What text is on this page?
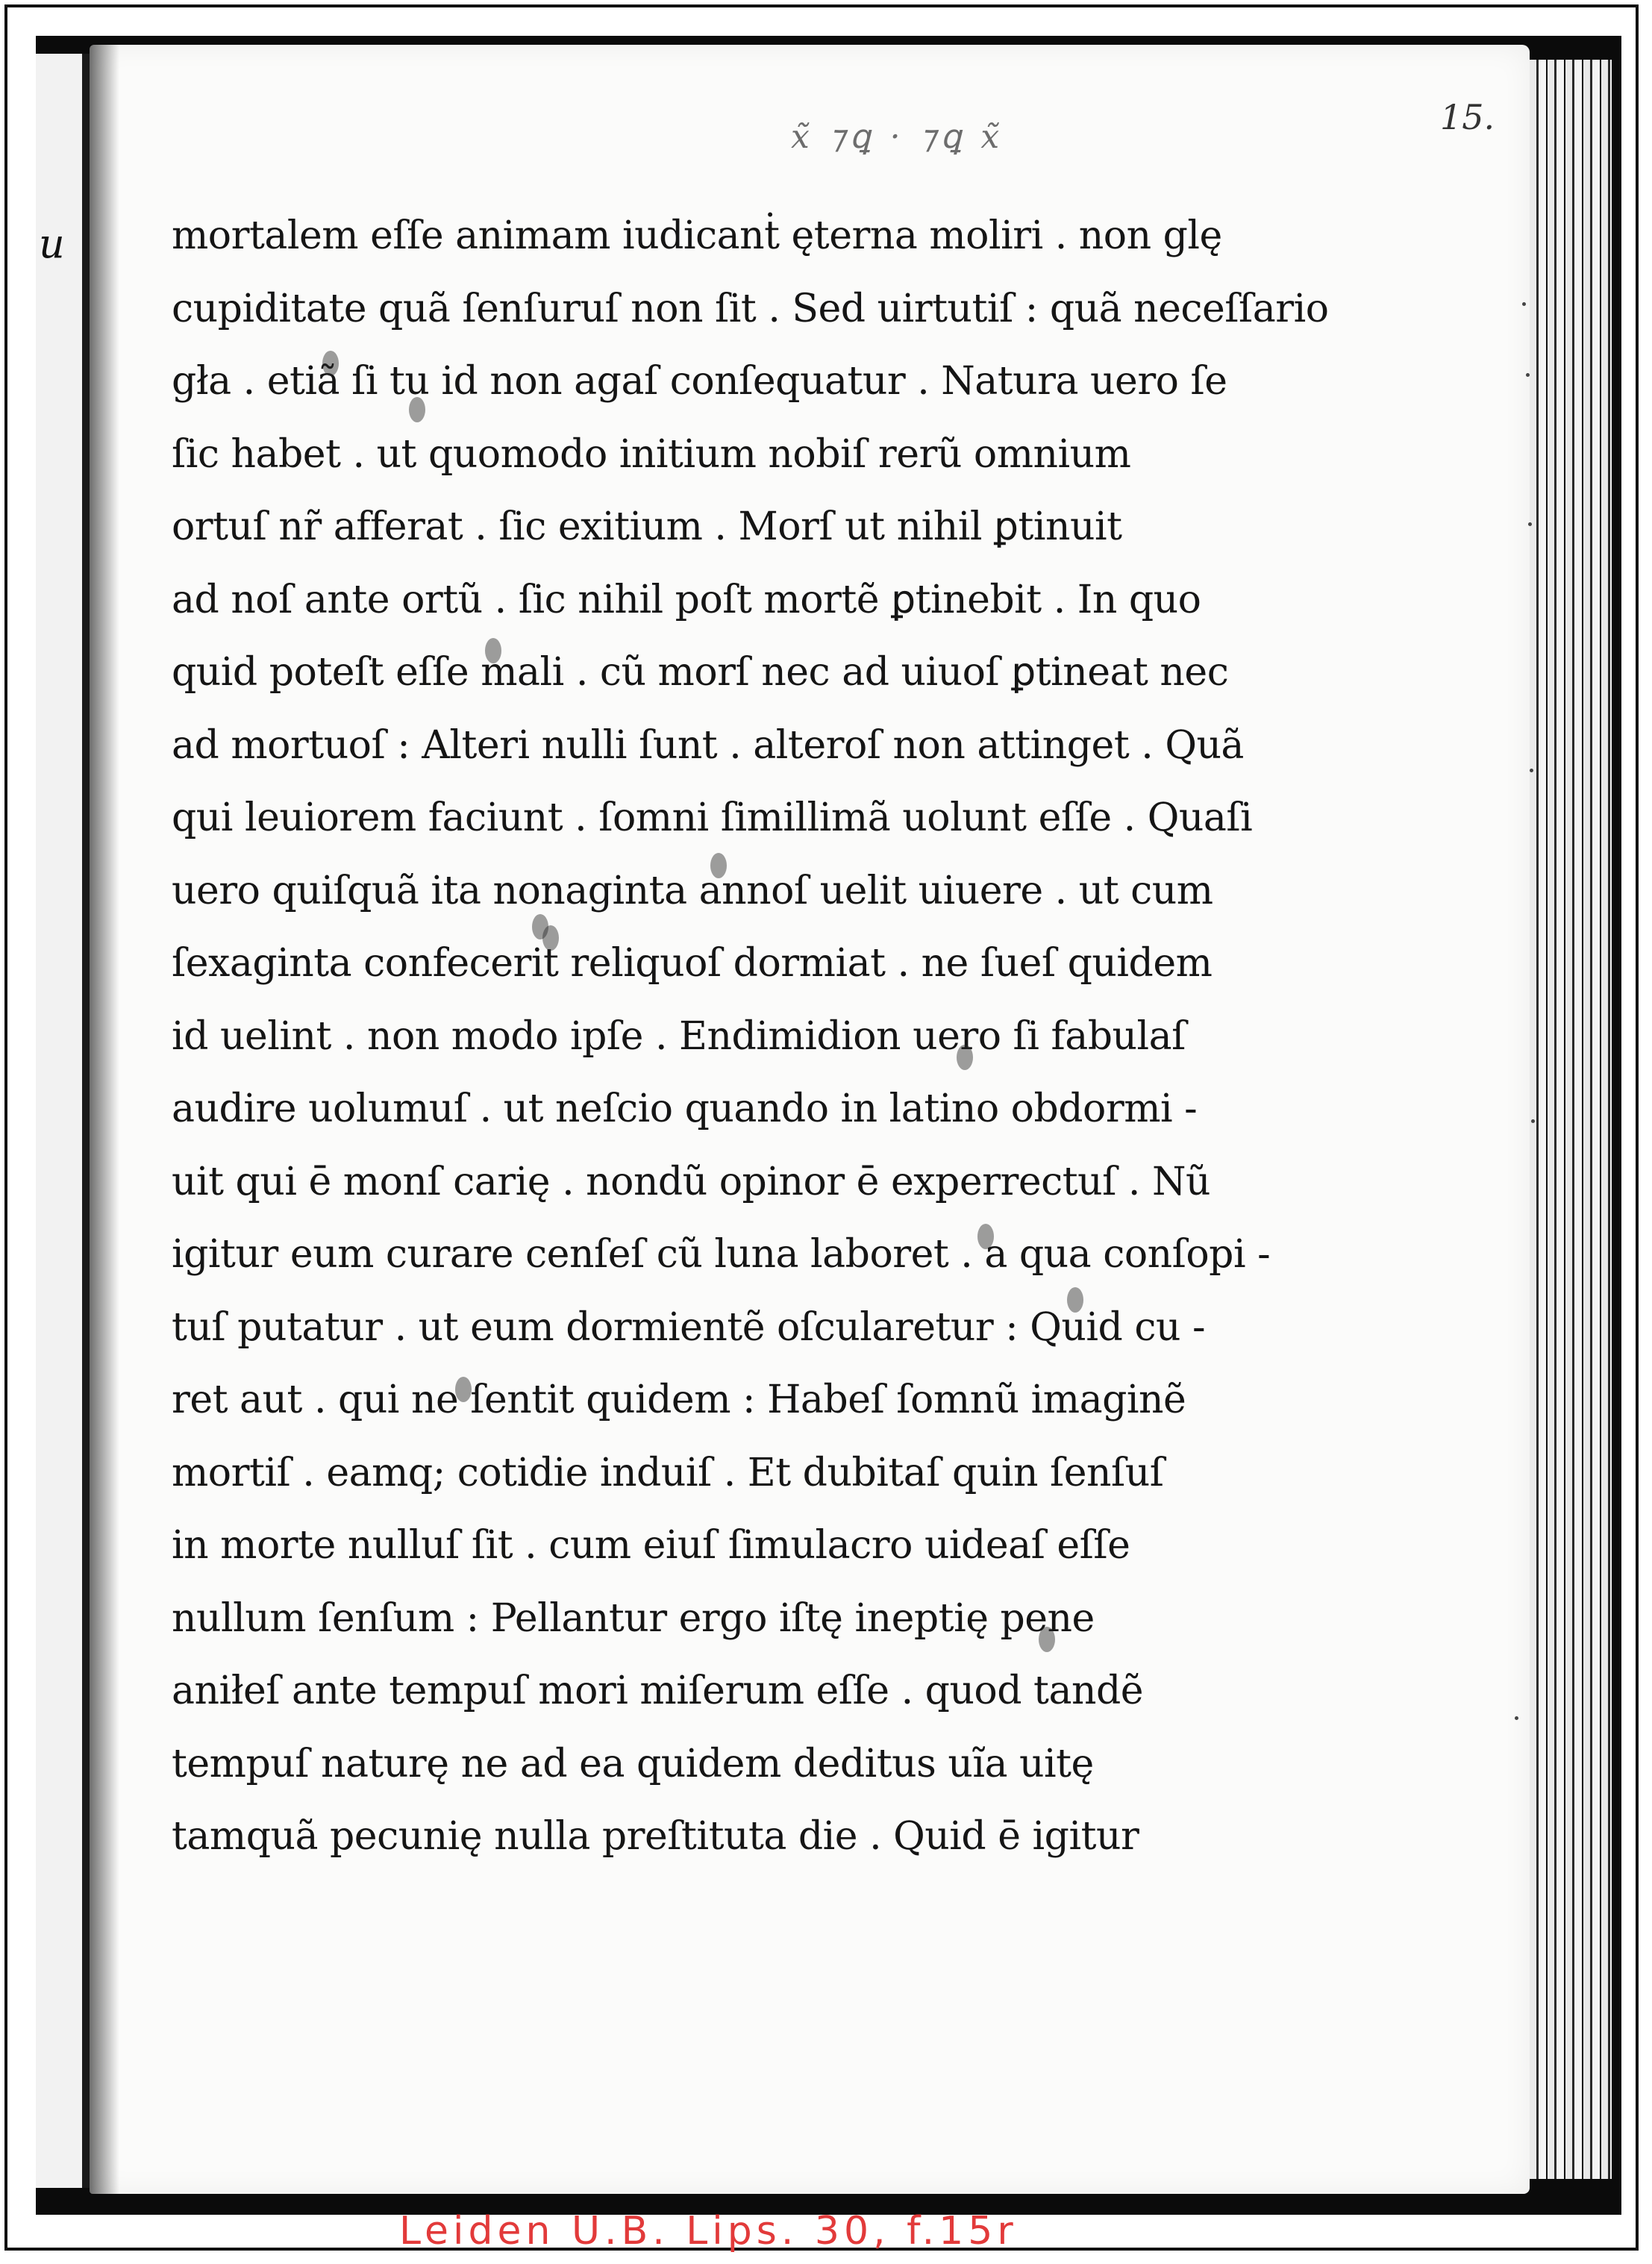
u
15.
x̃ ⁊ꝗ · ⁊ꝗ x̃
mortalem eſſe animam iudicanṫ ęterna moliri . non glę
cupiditate quã ſenſuruſ non ſit . Sed uirtutiſ : quã neceſſario
gła . etiã ſi tu id non agaſ conſequatur . Natura uero ſe
ſic habet . ut quomodo initium nobiſ rerũ omnium
ortuſ nr̃ afferat . ſic exitium . Morſ ut nihil ꝑtinuit
ad noſ ante ortũ . ſic nihil poſt mortẽ ꝑtinebit . In quo
quid poteſt eſſe mali . cũ morſ nec ad uiuoſ ꝑtineat nec
ad mortuoſ : Alteri nulli ſunt . alteroſ non attinget . Quã
qui leuiorem faciunt . ſomni ſimillimã uolunt eſſe . Quaſi
uero quiſquã ita nonaginta annoſ uelit uiuere . ut cum
ſexaginta confecerit reliquoſ dormiat . ne ſueſ quidem
id uelint . non modo ipſe . Endimidion uero ſi fabulaſ
audire uolumuſ . ut neſcio quando in latino obdormi -
uit qui ē monſ carię . nondũ opinor ē experrectuſ . Nũ
igitur eum curare cenſeſ cũ luna laboret . a qua conſopi -
tuſ putatur . ut eum dormientẽ oſcularetur : Quid cu -
ret aut . qui ne ſentit quidem : Habeſ ſomnũ imaginẽ
mortiſ . eamq; cotidie induiſ . Et dubitaſ quin ſenſuſ
in morte nulluſ ſit . cum eiuſ ſimulacro uideaſ eſſe
nullum ſenſum : Pellantur ergo iſtę ineptię pene
aniłeſ ante tempuſ mori miſerum eſſe . quod tandẽ
tempuſ naturę ne ad ea quidem deditus uĩa uitę
tamquã pecunię nulla preſtituta die . Quid ē igitur
Leiden U.B. Lips. 30, f.15r
